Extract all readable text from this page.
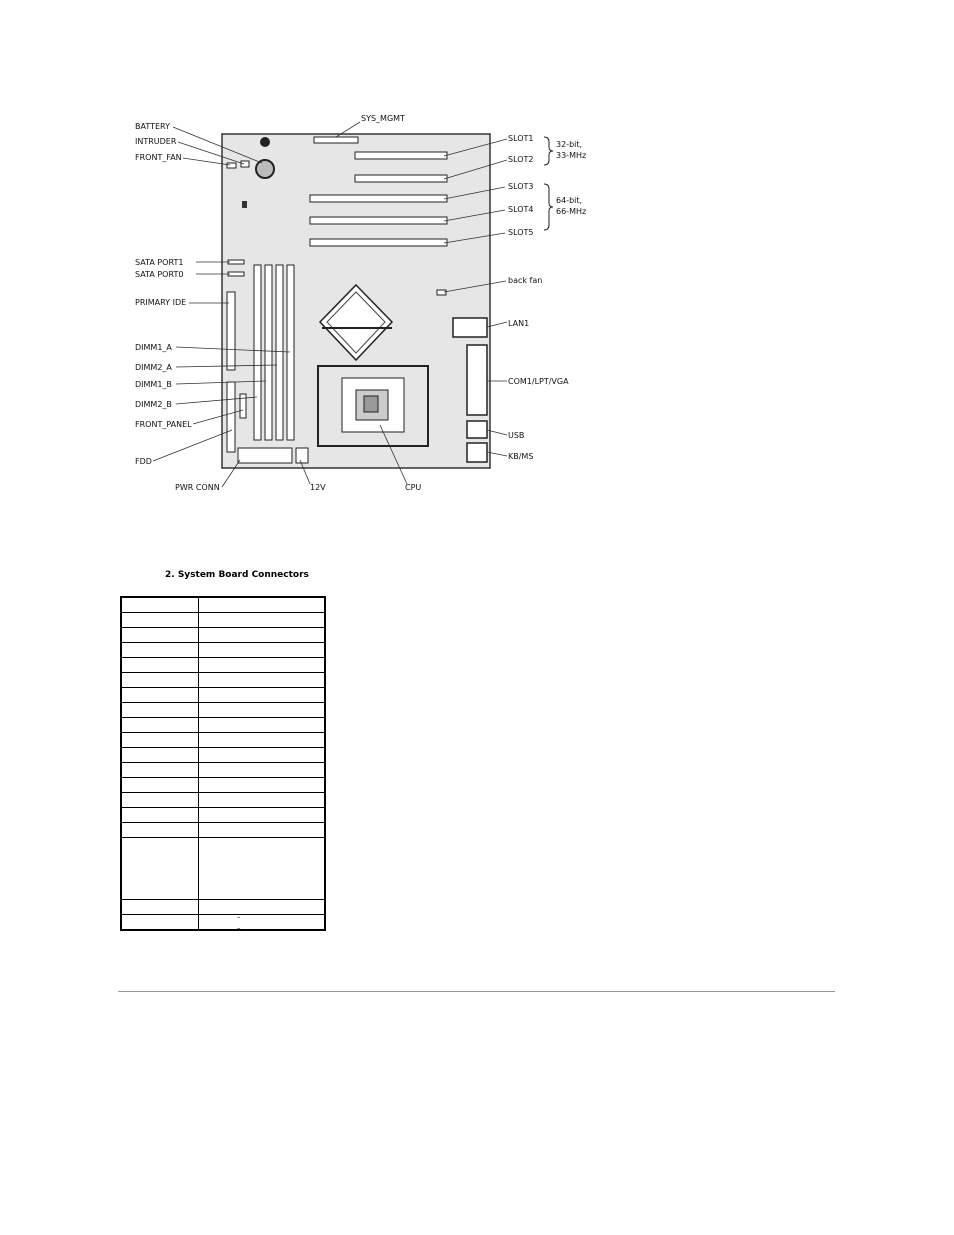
BATTERY
INTRUDER
FRONT_FAN
SYS_MGMT
SLOT1
SLOT2
SLOT3
SLOT4
SLOT5
32-bit,
33-MHz
64-bit,
66-MHz
SATA PORT1
SATA PORT0
PRIMARY IDE
DIMM1_A
DIMM2_A
DIMM1_B
DIMM2_B
FRONT_PANEL
FDD
back fan
LAN1
COM1/LPT/VGA
USB
KB/MS
PWR CONN	12V	CPU
2. System Board Connectors

–
–
